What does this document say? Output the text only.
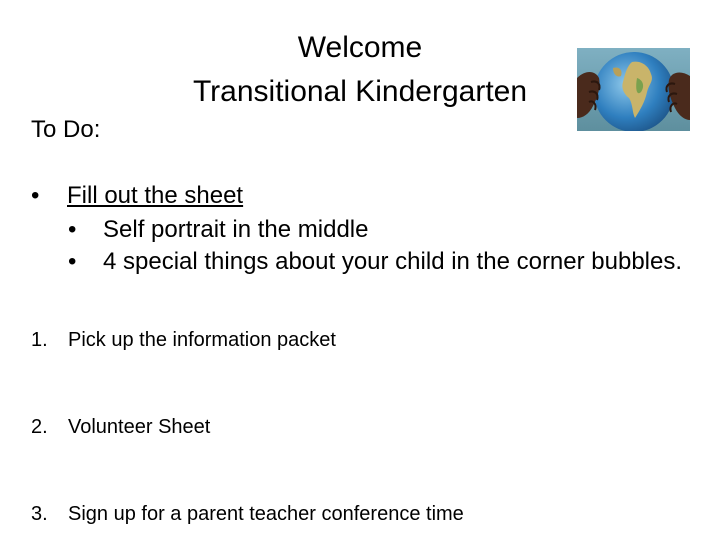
Welcome
Transitional Kindergarten

To Do:

• Fill out the sheet
• Self portrait in the middle
• 4 special things about your child in the corner bubbles.
1. Pick up the information packet
2. Volunteer Sheet
3. Sign up for a parent teacher conference time
